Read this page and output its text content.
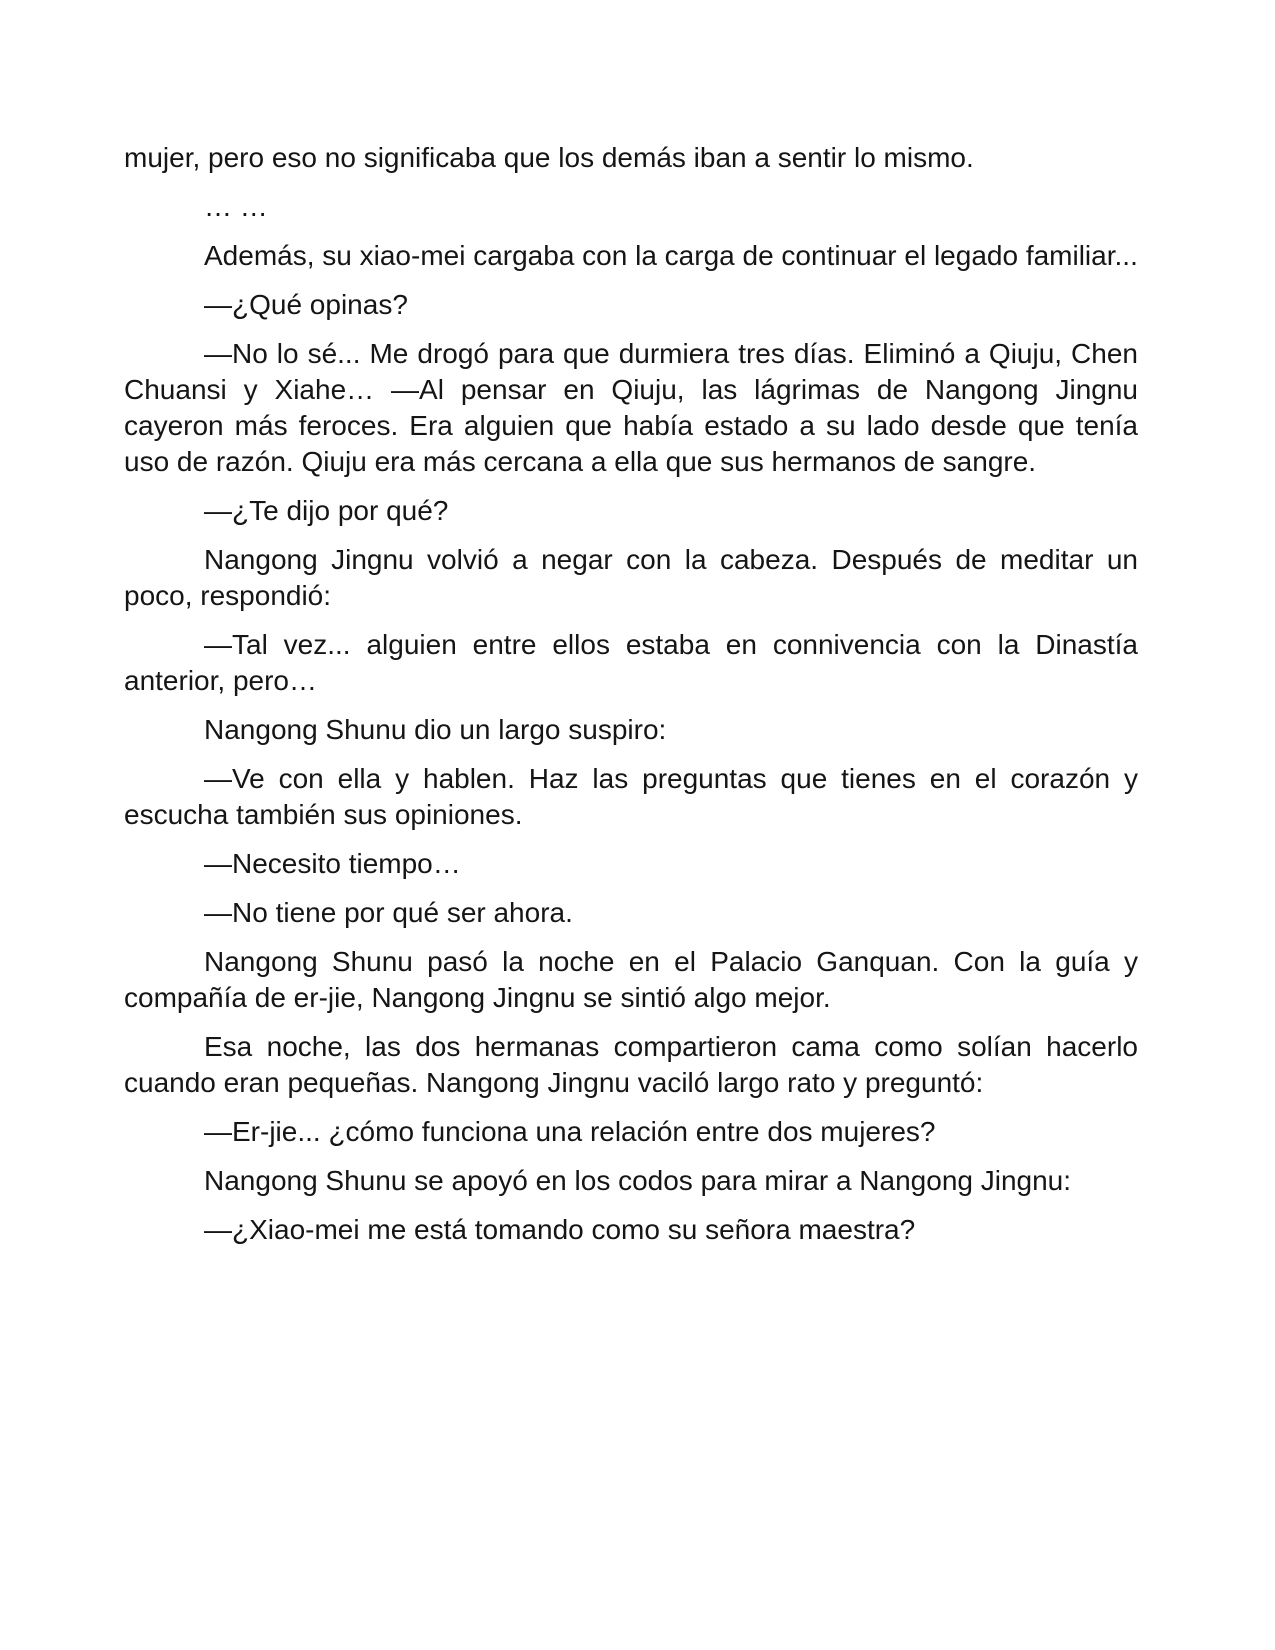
mujer, pero eso no significaba que los demás iban a sentir lo mismo.

… …

Además, su xiao-mei cargaba con la carga de continuar el legado familiar...

—¿Qué opinas?

—No lo sé... Me drogó para que durmiera tres días. Eliminó a Qiuju, Chen Chuansi y Xiahe… —Al pensar en Qiuju, las lágrimas de Nangong Jingnu cayeron más feroces. Era alguien que había estado a su lado desde que tenía uso de razón. Qiuju era más cercana a ella que sus hermanos de sangre.

—¿Te dijo por qué?

Nangong Jingnu volvió a negar con la cabeza. Después de meditar un poco, respondió:

—Tal vez... alguien entre ellos estaba en connivencia con la Dinastía anterior, pero…

Nangong Shunu dio un largo suspiro:

—Ve con ella y hablen. Haz las preguntas que tienes en el corazón y escucha también sus opiniones.

—Necesito tiempo…

—No tiene por qué ser ahora.

Nangong Shunu pasó la noche en el Palacio Ganquan. Con la guía y compañía de er-jie, Nangong Jingnu se sintió algo mejor.

Esa noche, las dos hermanas compartieron cama como solían hacerlo cuando eran pequeñas. Nangong Jingnu vaciló largo rato y preguntó:

—Er-jie... ¿cómo funciona una relación entre dos mujeres?

Nangong Shunu se apoyó en los codos para mirar a Nangong Jingnu:

—¿Xiao-mei me está tomando como su señora maestra?
